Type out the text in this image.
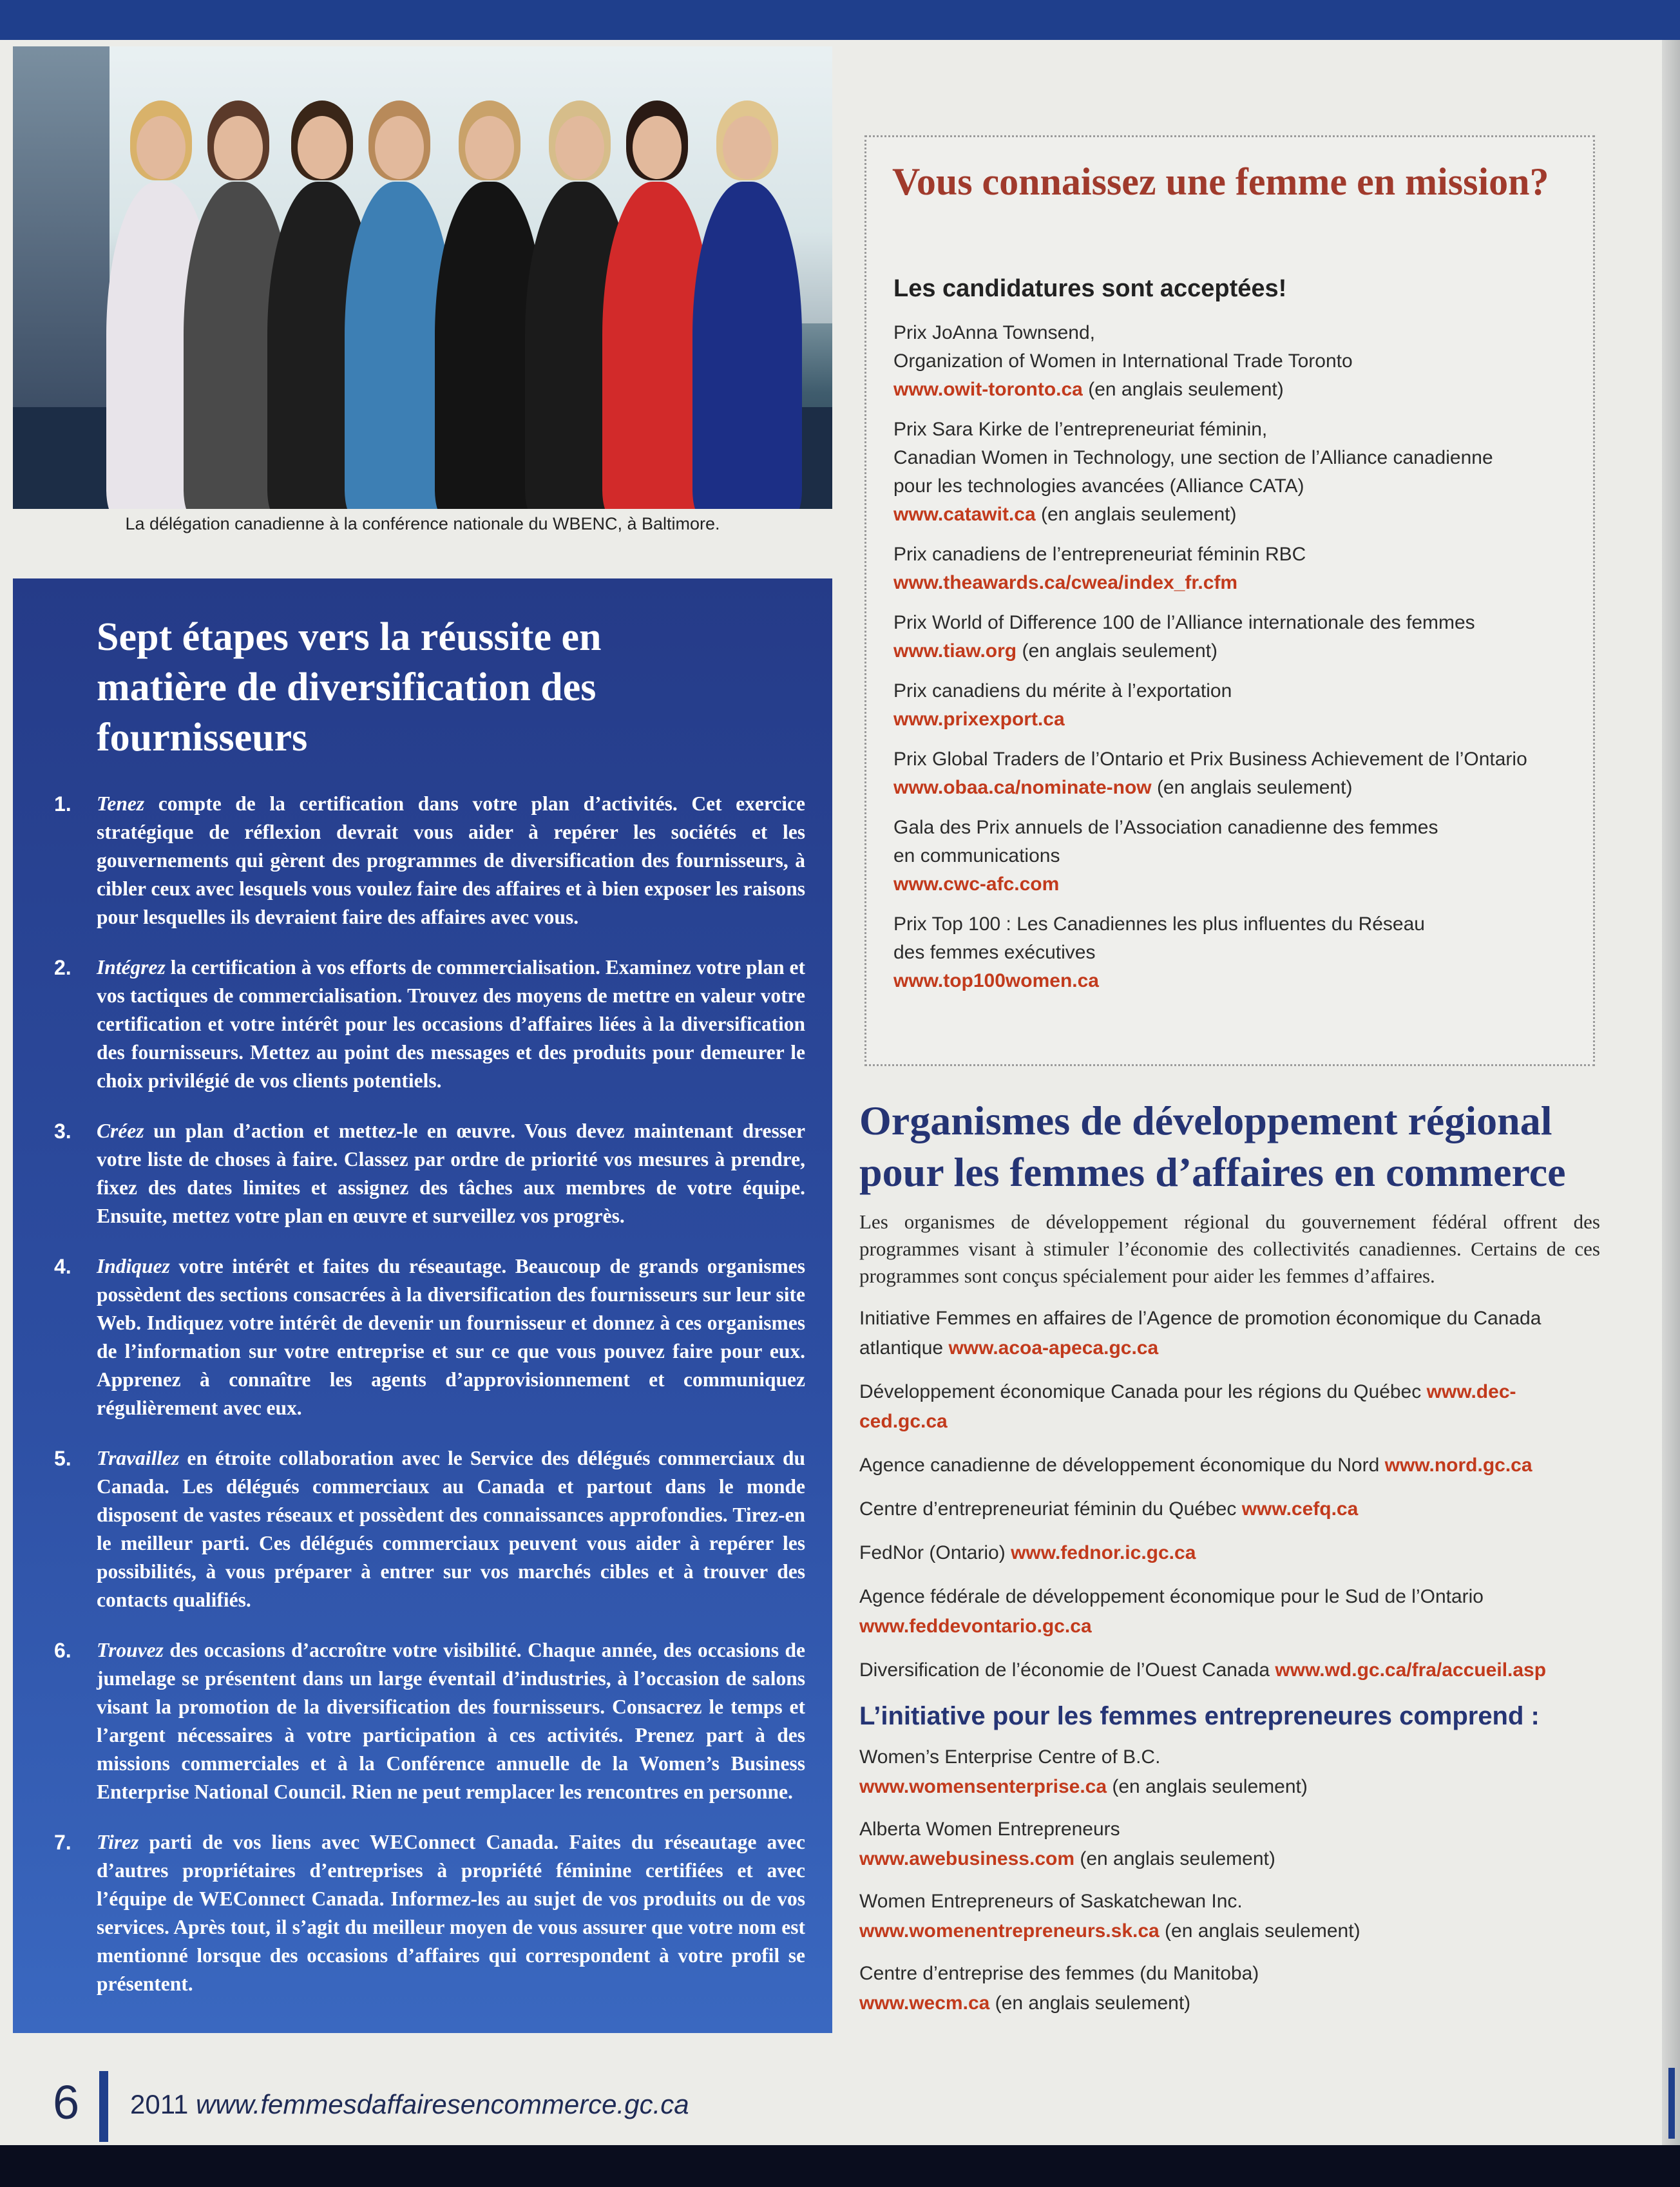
La délégation canadienne à la conférence nationale du WBENC, à Baltimore.
Sept étapes vers la réussite en matière de diversification des fournisseurs
1. Tenez compte de la certification dans votre plan d’activités. Cet exercice stratégique de réflexion devrait vous aider à repérer les sociétés et les gouvernements qui gèrent des programmes de diversification des fournisseurs, à cibler ceux avec lesquels vous voulez faire des affaires et à bien exposer les raisons pour lesquelles ils devraient faire des affaires avec vous.
2. Intégrez la certification à vos efforts de commercialisation. Examinez votre plan et vos tactiques de commercialisation. Trouvez des moyens de mettre en valeur votre certification et votre intérêt pour les occasions d’affaires liées à la diversification des fournisseurs. Mettez au point des messages et des produits pour demeurer le choix privilégié de vos clients potentiels.
3. Créez un plan d’action et mettez-le en œuvre. Vous devez maintenant dresser votre liste de choses à faire. Classez par ordre de priorité vos mesures à prendre, fixez des dates limites et assignez des tâches aux membres de votre équipe. Ensuite, mettez votre plan en œuvre et surveillez vos progrès.
4. Indiquez votre intérêt et faites du réseautage. Beaucoup de grands organismes possèdent des sections consacrées à la diversification des fournisseurs sur leur site Web. Indiquez votre intérêt de devenir un fournisseur et donnez à ces organismes de l’information sur votre entreprise et sur ce que vous pouvez faire pour eux. Apprenez à connaître les agents d’approvisionnement et communiquez régulièrement avec eux.
5. Travaillez en étroite collaboration avec le Service des délégués commerciaux du Canada. Les délégués commerciaux au Canada et partout dans le monde disposent de vastes réseaux et possèdent des connaissances approfondies. Tirez-en le meilleur parti. Ces délégués commerciaux peuvent vous aider à repérer les possibilités, à vous préparer à entrer sur vos marchés cibles et à trouver des contacts qualifiés.
6. Trouvez des occasions d’accroître votre visibilité. Chaque année, des occasions de jumelage se présentent dans un large éventail d’industries, à l’occasion de salons visant la promotion de la diversification des fournisseurs. Consacrez le temps et l’argent nécessaires à votre participation à ces activités. Prenez part à des missions commerciales et à la Conférence annuelle de la Women’s Business Enterprise National Council. Rien ne peut remplacer les rencontres en personne.
7. Tirez parti de vos liens avec WEConnect Canada. Faites du réseautage avec d’autres propriétaires d’entreprises à propriété féminine certifiées et avec l’équipe de WEConnect Canada. Informez-les au sujet de vos produits ou de vos services. Après tout, il s’agit du meilleur moyen de vous assurer que votre nom est mentionné lorsque des occasions d’affaires qui correspondent à votre profil se présentent.
Vous connaissez une femme en mission?
Les candidatures sont acceptées!
Prix JoAnna Townsend,
Organization of Women in International Trade Toronto
www.owit-toronto.ca (en anglais seulement)
Prix Sara Kirke de l’entrepreneuriat féminin,
Canadian Women in Technology, une section de l’Alliance canadienne
pour les technologies avancées (Alliance CATA)
www.catawit.ca (en anglais seulement)
Prix canadiens de l’entrepreneuriat féminin RBC
www.theawards.ca/cwea/index_fr.cfm
Prix World of Difference 100 de l’Alliance internationale des femmes
www.tiaw.org (en anglais seulement)
Prix canadiens du mérite à l’exportation
www.prixexport.ca
Prix Global Traders de l’Ontario et Prix Business Achievement de l’Ontario
www.obaa.ca/nominate-now (en anglais seulement)
Gala des Prix annuels de l’Association canadienne des femmes
en communications
www.cwc-afc.com
Prix Top 100 : Les Canadiennes les plus influentes du Réseau
des femmes exécutives
www.top100women.ca
Organismes de développement régional pour les femmes d’affaires en commerce
Les organismes de développement régional du gouvernement fédéral offrent des programmes visant à stimuler l’économie des collectivités canadiennes. Certains de ces programmes sont conçus spécialement pour aider les femmes d’affaires.
Initiative Femmes en affaires de l’Agence de promotion économique du Canada atlantique www.acoa-apeca.gc.ca
Développement économique Canada pour les régions du Québec www.dec-ced.gc.ca
Agence canadienne de développement économique du Nord www.nord.gc.ca
Centre d’entrepreneuriat féminin du Québec www.cefq.ca
FedNor (Ontario) www.fednor.ic.gc.ca
Agence fédérale de développement économique pour le Sud de l’Ontario www.feddevontario.gc.ca
Diversification de l’économie de l’Ouest Canada www.wd.gc.ca/fra/accueil.asp
L’initiative pour les femmes entrepreneures comprend :
Women’s Enterprise Centre of B.C.
www.womensenterprise.ca (en anglais seulement)
Alberta Women Entrepreneurs
www.awebusiness.com (en anglais seulement)
Women Entrepreneurs of Saskatchewan Inc.
www.womenentrepreneurs.sk.ca (en anglais seulement)
Centre d’entreprise des femmes (du Manitoba)
www.wecm.ca (en anglais seulement)
6 2011 www.femmesdaffairesencommerce.gc.ca
